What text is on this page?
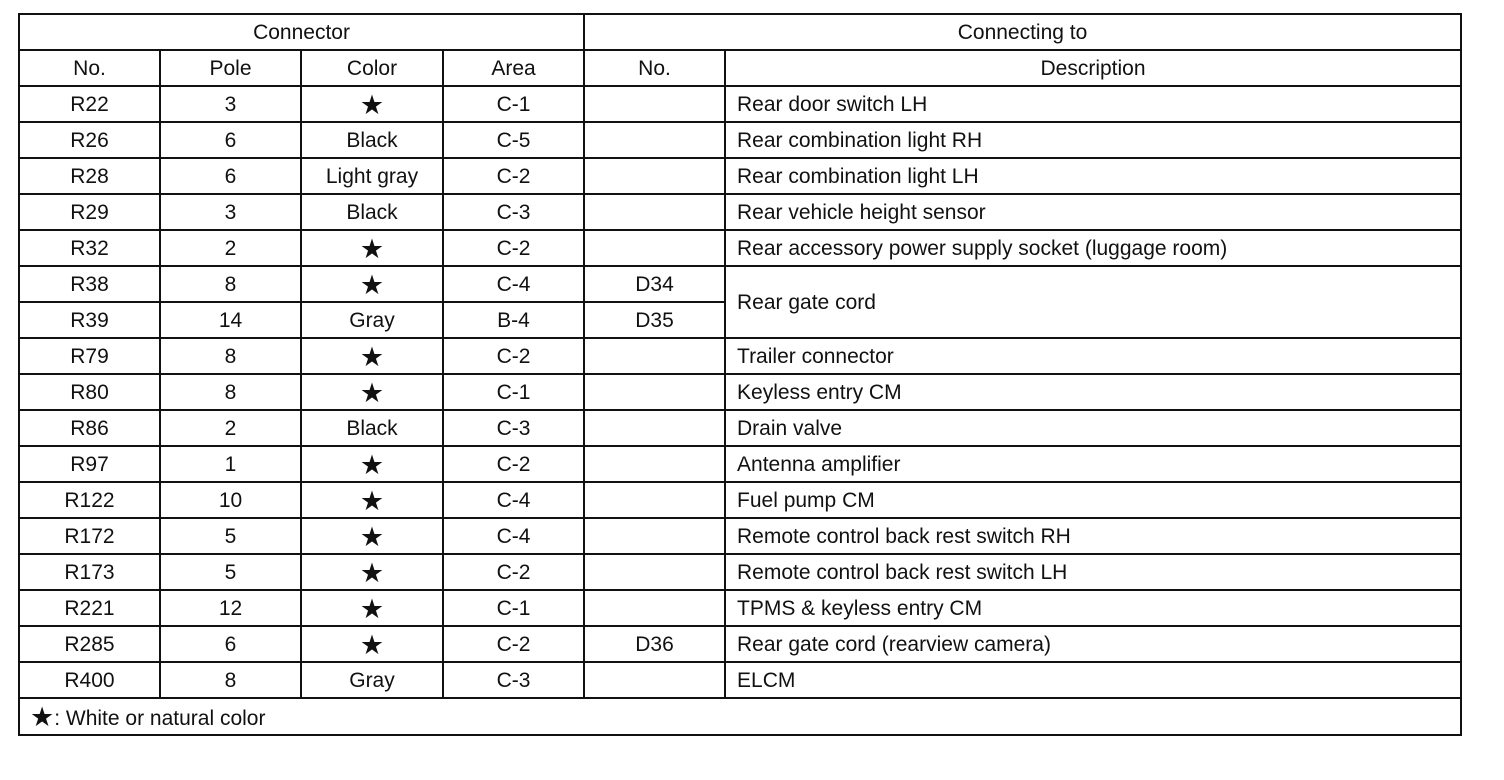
Connector				Connecting to	
No.	Pole	Color	Area	No.	Description
R22	3	★	C-1		Rear door switch LH
R26	6	Black	C-5		Rear combination light RH
R28	6	Light gray	C-2		Rear combination light LH
R29	3	Black	C-3		Rear vehicle height sensor
R32	2	★	C-2		Rear accessory power supply socket (luggage room)
R38	8	★	C-4	D34	Rear gate cord
R39	14	Gray	B-4	D35	
R79	8	★	C-2		Trailer connector
R80	8	★	C-1		Keyless entry CM
R86	2	Black	C-3		Drain valve
R97	1	★	C-2		Antenna amplifier
R122	10	★	C-4		Fuel pump CM
R172	5	★	C-4		Remote control back rest switch RH
R173	5	★	C-2		Remote control back rest switch LH
R221	12	★	C-1		TPMS & keyless entry CM
R285	6	★	C-2	D36	Rear gate cord (rearview camera)
R400	8	Gray	C-3		ELCM
★: White or natural color					
